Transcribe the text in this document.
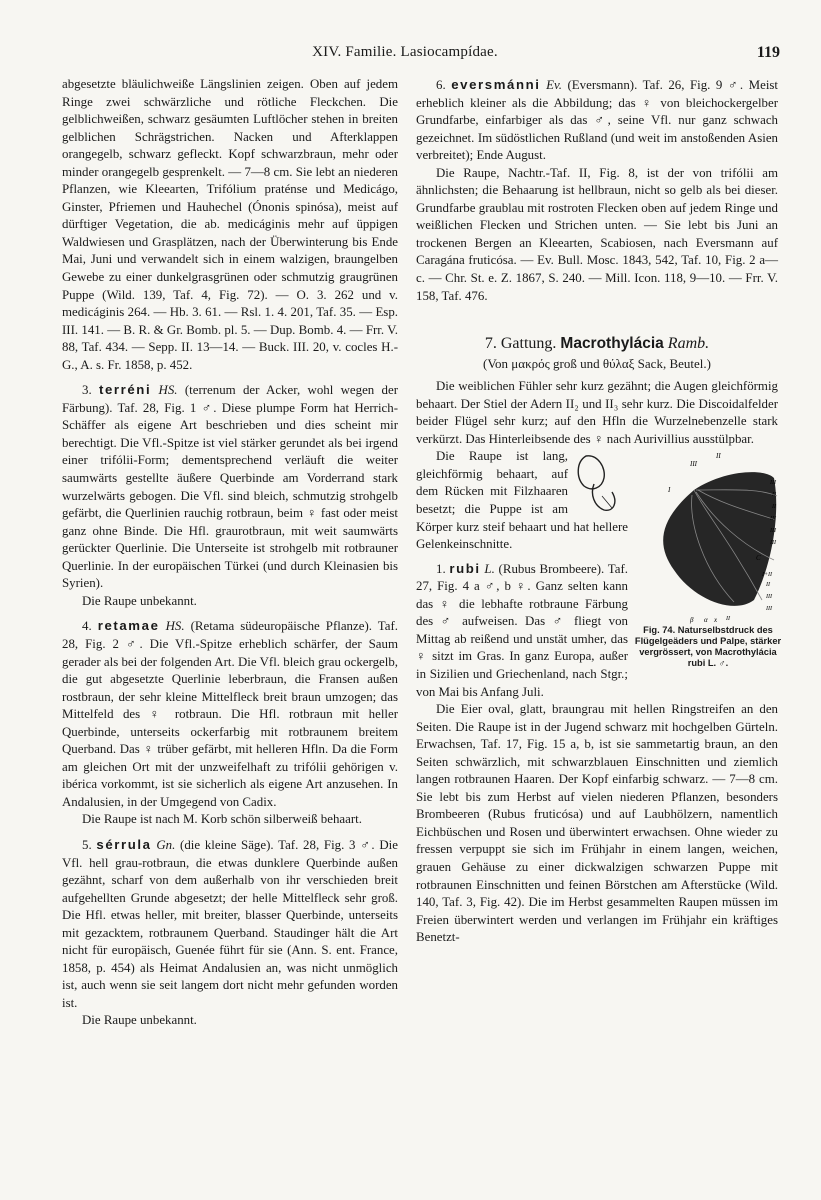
XIV. Familie. Lasiocampídae.	119

abgesetzte bläulichweiße Längslinien zeigen. Oben auf jedem Ringe zwei schwärzliche und rötliche Fleckchen. Die gelblichweißen, schwarz gesäumten Luftlöcher stehen in breiten gelblichen Schrägstrichen. Nacken und Afterklappen orangegelb, schwarz gefleckt. Kopf schwarzbraun, mehr oder minder orangegelb gesprenkelt. — 7—8 cm. Sie lebt an niederen Pflanzen, wie Kleearten, Trifólium praténse und Medicágo, Ginster, Pfriemen und Hauhechel (Ónonis spinósa), meist auf dürftiger Vegetation, die ab. medicáginis mehr auf üppigen Waldwiesen und Grasplätzen, nach der Überwinterung bis Ende Mai, Juni und verwandelt sich in einem walzigen, braungelben Gewebe zu einer dunkelgrasgrünen oder schmutzig graugrünen Puppe (Wild. 139, Taf. 4, Fig. 72). — O. 3. 262 und v. medicáginis 264. — Hb. 3. 61. — Rsl. 1. 4. 201, Taf. 35. — Esp. III. 141. — B. R. & Gr. Bomb. pl. 5. — Dup. Bomb. 4. — Frr. V. 88, Taf. 434. — Sepp. II. 13—14. — Buck. III. 20, v. cocles H.-G., A. s. Fr. 1858, p. 452.

3. terréni HS. (terrenum der Acker, wohl wegen der Färbung). Taf. 28, Fig. 1 ♂. Diese plumpe Form hat Herrich-Schäffer als eigene Art beschrieben und dies scheint mir berechtigt. Die Vfl.-Spitze ist viel stärker gerundet als bei irgend einer trifólii-Form; dementsprechend verläuft die weiter saumwärts gestellte äußere Querbinde am Vorderrand stark wurzelwärts gebogen. Die Vfl. sind bleich, schmutzig strohgelb gefärbt, die Querlinien rauchig rotbraun, beim ♀ fast oder meist ganz ohne Binde. Die Hfl. graurotbraun, mit weit saumwärts gerückter Querlinie. Die Unterseite ist strohgelb mit rotbrauner Querlinie. In der europäischen Türkei (und durch Kleinasien bis Syrien).

Die Raupe unbekannt.

4. retamae HS. (Retama südeuropäische Pflanze). Taf. 28, Fig. 2 ♂. Die Vfl.-Spitze erheblich schärfer, der Saum gerader als bei der folgenden Art. Die Vfl. bleich grau ockergelb, die gut abgesetzte Querlinie leberbraun, die Fransen außen rostbraun, der sehr kleine Mittelfleck breit braun umzogen; das Mittelfeld des ♀ rotbraun. Die Hfl. rotbraun mit heller Querbinde, unterseits ockerfarbig mit rotbraunem breitem Querband. Das ♀ trüber gefärbt, mit helleren Hfln. Da die Form am gleichen Ort mit der unzweifelhaft zu trifólii gehörigen v. ibérica vorkommt, ist sie sicherlich als eigene Art anzusehen. In Andalusien, in der Umgegend von Cadix.

Die Raupe ist nach M. Korb schön silberweiß behaart.

5. sérrula Gn. (die kleine Säge). Taf. 28, Fig. 3 ♂. Die Vfl. hell grau-rotbraun, die etwas dunklere Querbinde außen gezähnt, scharf von dem außerhalb von ihr verschieden breit aufgehellten Grunde abgesetzt; der helle Mittelfleck sehr groß. Die Hfl. etwas heller, mit breiter, blasser Querbinde, unterseits mit gezacktem, rotbraunem Querband. Staudinger hält die Art nicht für europäisch, Guenée führt für sie (Ann. S. ent. France, 1858, p. 454) als Heimat Andalusien an, was nicht unmöglich ist, auch wenn sie seit langem dort nicht mehr gefunden worden ist.

Die Raupe unbekannt.

6. eversmánni Ev. (Eversmann). Taf. 26, Fig. 9 ♂. Meist erheblich kleiner als die Abbildung; das ♀ von bleichockergelber Grundfarbe, einfarbiger als das ♂, seine Vfl. nur ganz schwach gezeichnet. Im südöstlichen Rußland (und weit im anstoßenden Asien verbreitet); Ende August.

Die Raupe, Nachtr.-Taf. II, Fig. 8, ist der von trifólii am ähnlichsten; die Behaarung ist hellbraun, nicht so gelb als bei dieser. Grundfarbe graublau mit rostroten Flecken oben auf jedem Ringe und weißlichen Flecken und Strichen unten. — Sie lebt bis Juni an trockenen Bergen an Kleearten, Scabiosen, nach Eversmann auf Caragána fruticósa. — Ev. Bull. Mosc. 1843, 542, Taf. 10, Fig. 2 a—c. — Chr. St. e. Z. 1867, S. 240. — Mill. Icon. 118, 9—10. — Frr. V. 158, Taf. 476.

7. Gattung. Macrothylácia Ramb.
(Von μακρός groß und θύλαξ Sack, Beutel.)

Die weiblichen Fühler sehr kurz gezähnt; die Augen gleichförmig behaart. Der Stiel der Adern II₂ und II₃ sehr kurz. Die Discoidalfelder beider Flügel sehr kurz; auf den Hfln die Wurzelnebenzelle stark verkürzt. Das Hinterleibsende des ♀ nach Aurivillius ausstülpbar.

II
III
I
III
II
II
III
III
III
C
I+II
II
III
III
β α x II
Fig. 74. Naturselbstdruck des Flügelgeäders und Palpe, stärker vergrössert, von Macrothylácia rubi L. ♂.

Die Raupe ist lang, gleichförmig behaart, auf dem Rücken mit Filzhaaren besetzt; die Puppe ist am Körper kurz steif behaart und hat hellere Gelenkeinschnitte.

1. rubi L. (Rubus Brombeere). Taf. 27, Fig. 4 a ♂, b ♀. Ganz selten kann das ♀ die lebhafte rotbraune Färbung des ♂ aufweisen. Das ♂ fliegt von Mittag ab reißend und unstät umher, das ♀ sitzt im Gras. In ganz Europa, außer in Sizilien und Griechenland, nach Stgr.; von Mai bis Anfang Juli.

Die Eier oval, glatt, braungrau mit hellen Ringstreifen an den Seiten. Die Raupe ist in der Jugend schwarz mit hochgelben Gürteln. Erwachsen, Taf. 17, Fig. 15 a, b, ist sie sammetartig braun, an den Seiten schwärzlich, mit schwarzblauen Einschnitten und ziemlich langen rotbraunen Haaren. Der Kopf einfarbig schwarz. — 7—8 cm. Sie lebt bis zum Herbst auf vielen niederen Pflanzen, besonders Brombeeren (Rubus fruticósa) und auf Laubhölzern, namentlich Eichbüschen und Rosen und überwintert erwachsen. Ohne wieder zu fressen verpuppt sie sich im Frühjahr in einem langen, weichen, grauen Gehäuse zu einer dickwalzigen schwarzen Puppe mit rotbraunen Einschnitten und feinen Börstchen am Afterstücke (Wild. 140, Taf. 3, Fig. 42). Die im Herbst gesammelten Raupen müssen im Freien überwintert werden und verlangen im Frühjahr ein kräftiges Benetzt-
